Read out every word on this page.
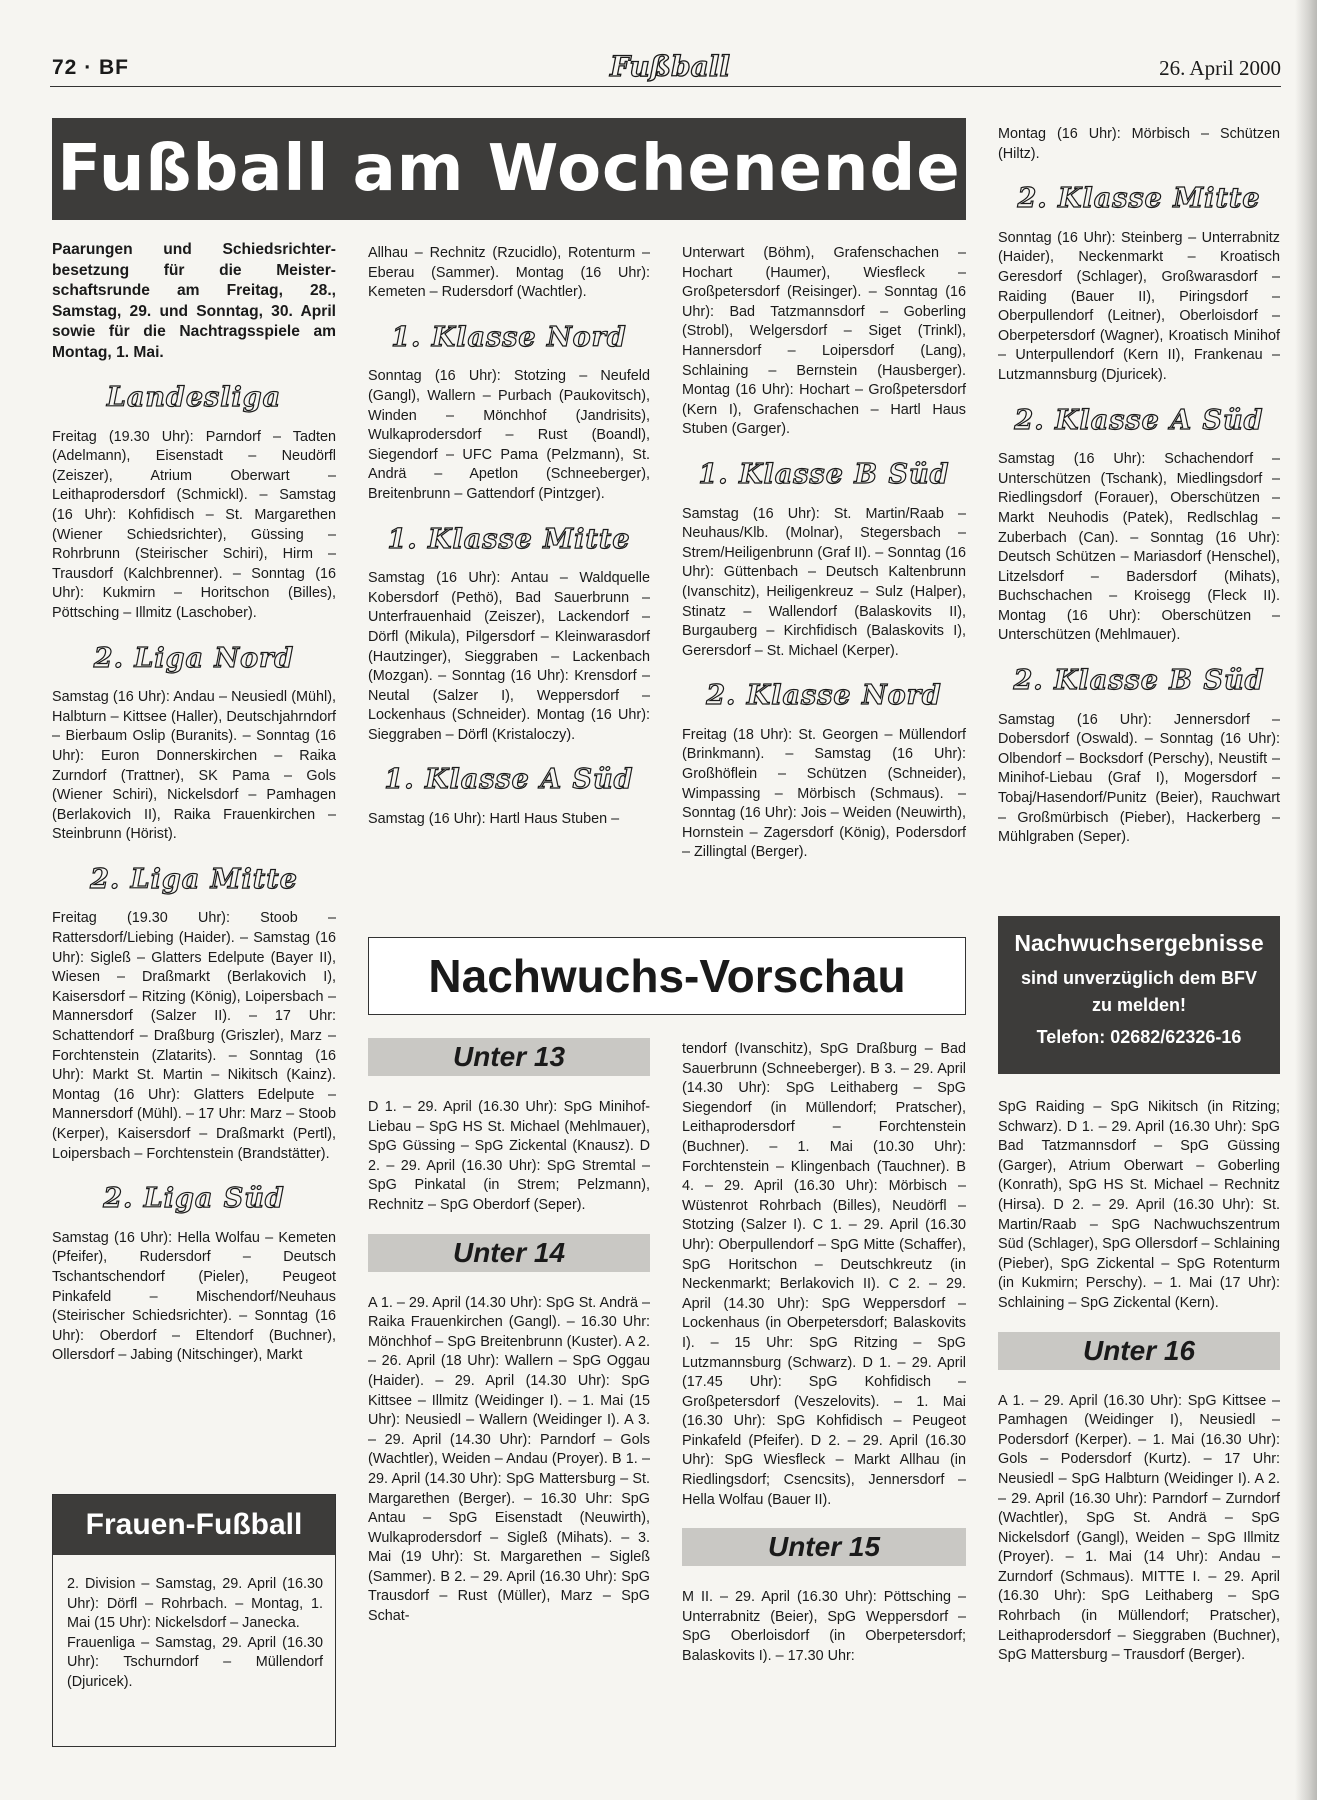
72 · BF	Fußball	26. April 2000
Fußball am Wochenende

Paarungen und Schiedsrichterbesetzung für die Meisterschaftsrunde am Freitag, 28., Samstag, 29. und Sonntag, 30. April sowie für die Nachtragsspiele am Montag, 1. Mai.

Landesliga

Freitag (19.30 Uhr): Parndorf – Tadten (Adelmann), Eisenstadt – Neudörfl (Zeiszer), Atrium Oberwart – Leithaprodersdorf (Schmickl). – Samstag (16 Uhr): Kohfidisch – St. Margarethen (Wiener Schiedsrichter), Güssing – Rohrbrunn (Steirischer Schiri), Hirm – Trausdorf (Kalchbrenner). – Sonntag (16 Uhr): Kukmirn – Horitschon (Billes), Pöttsching – Illmitz (Laschober).

2. Liga Nord

Samstag (16 Uhr): Andau – Neusiedl (Mühl), Halbturn – Kittsee (Haller), Deutschjahrndorf – Bierbaum Oslip (Buranits). – Sonntag (16 Uhr): Euron Donnerskirchen – Raika Zurndorf (Trattner), SK Pama – Gols (Wiener Schiri), Nickelsdorf – Pamhagen (Berlakovich II), Raika Frauenkirchen – Steinbrunn (Hörist).

2. Liga Mitte

Freitag (19.30 Uhr): Stoob – Rattersdorf/Liebing (Haider). – Samstag (16 Uhr): Sigleß – Glatters Edelpute (Bayer II), Wiesen – Draßmarkt (Berlakovich I), Kaisersdorf – Ritzing (König), Loipersbach – Mannersdorf (Salzer II). – 17 Uhr: Schattendorf – Draßburg (Griszler), Marz – Forchtenstein (Zlatarits). – Sonntag (16 Uhr): Markt St. Martin – Nikitsch (Kainz). Montag (16 Uhr): Glatters Edelpute – Mannersdorf (Mühl). – 17 Uhr: Marz – Stoob (Kerper), Kaisersdorf – Draßmarkt (Pertl), Loipersbach – Forchtenstein (Brandstätter).

2. Liga Süd

Samstag (16 Uhr): Hella Wolfau – Kemeten (Pfeifer), Rudersdorf – Deutsch Tschantschendorf (Pieler), Peugeot Pinkafeld – Mischendorf/Neuhaus (Steirischer Schiedsrichter). – Sonntag (16 Uhr): Oberdorf – Eltendorf (Buchner), Ollersdorf – Jabing (Nitschinger), Markt

Frauen-Fußball

2. Division – Samstag, 29. April (16.30 Uhr): Dörfl – Rohrbach. – Montag, 1. Mai (15 Uhr): Nickelsdorf – Janecka.

Frauenliga – Samstag, 29. April (16.30 Uhr): Tschurndorf – Müllendorf (Djuricek).

Allhau – Rechnitz (Rzucidlo), Rotenturm – Eberau (Sammer). Montag (16 Uhr): Kemeten – Rudersdorf (Wachtler).

1. Klasse Nord

Sonntag (16 Uhr): Stotzing – Neufeld (Gangl), Wallern – Purbach (Paukovitsch), Winden – Mönchhof (Jandrisits), Wulkaprodersdorf – Rust (Boandl), Siegendorf – UFC Pama (Pelzmann), St. Andrä – Apetlon (Schneeberger), Breitenbrunn – Gattendorf (Pintzger).

1. Klasse Mitte

Samstag (16 Uhr): Antau – Waldquelle Kobersdorf (Pethö), Bad Sauerbrunn – Unterfrauenhaid (Zeiszer), Lackendorf – Dörfl (Mikula), Pilgersdorf – Kleinwarasdorf (Hautzinger), Sieggraben – Lackenbach (Mozgan). – Sonntag (16 Uhr): Krensdorf – Neutal (Salzer I), Weppersdorf – Lockenhaus (Schneider). Montag (16 Uhr): Sieggraben – Dörfl (Kristaloczy).

1. Klasse A Süd

Samstag (16 Uhr): Hartl Haus Stuben –

Unterwart (Böhm), Grafenschachen – Hochart (Haumer), Wiesfleck – Großpetersdorf (Reisinger). – Sonntag (16 Uhr): Bad Tatzmannsdorf – Goberling (Strobl), Welgersdorf – Siget (Trinkl), Hannersdorf – Loipersdorf (Lang), Schlaining – Bernstein (Hausberger). Montag (16 Uhr): Hochart – Großpetersdorf (Kern I), Grafenschachen – Hartl Haus Stuben (Garger).

1. Klasse B Süd

Samstag (16 Uhr): St. Martin/Raab – Neuhaus/Klb. (Molnar), Stegersbach – Strem/Heiligenbrunn (Graf II). – Sonntag (16 Uhr): Güttenbach – Deutsch Kaltenbrunn (Ivanschitz), Heiligenkreuz – Sulz (Halper), Stinatz – Wallendorf (Balaskovits II), Burgauberg – Kirchfidisch (Balaskovits I), Gerersdorf – St. Michael (Kerper).

2. Klasse Nord

Freitag (18 Uhr): St. Georgen – Müllendorf (Brinkmann). – Samstag (16 Uhr): Großhöflein – Schützen (Schneider), Wimpassing – Mörbisch (Schmaus). – Sonntag (16 Uhr): Jois – Weiden (Neuwirth), Hornstein – Zagersdorf (König), Podersdorf – Zillingtal (Berger).

Nachwuchs-Vorschau
Unter 13

D 1. – 29. April (16.30 Uhr): SpG Minihof-Liebau – SpG HS St. Michael (Mehlmauer), SpG Güssing – SpG Zickental (Knausz). D 2. – 29. April (16.30 Uhr): SpG Stremtal – SpG Pinkatal (in Strem; Pelzmann), Rechnitz – SpG Oberdorf (Seper).

Unter 14

A 1. – 29. April (14.30 Uhr): SpG St. Andrä – Raika Frauenkirchen (Gangl). – 16.30 Uhr: Mönchhof – SpG Breitenbrunn (Kuster). A 2. – 26. April (18 Uhr): Wallern – SpG Oggau (Haider). – 29. April (14.30 Uhr): SpG Kittsee – Illmitz (Weidinger I). – 1. Mai (15 Uhr): Neusiedl – Wallern (Weidinger I). A 3. – 29. April (14.30 Uhr): Parndorf – Gols (Wachtler), Weiden – Andau (Proyer). B 1. – 29. April (14.30 Uhr): SpG Mattersburg – St. Margarethen (Berger). – 16.30 Uhr: SpG Antau – SpG Eisenstadt (Neuwirth), Wulkaprodersdorf – Sigleß (Mihats). – 3. Mai (19 Uhr): St. Margarethen – Sigleß (Sammer). B 2. – 29. April (16.30 Uhr): SpG Trausdorf – Rust (Müller), Marz – SpG Schat-

tendorf (Ivanschitz), SpG Draßburg – Bad Sauerbrunn (Schneeberger). B 3. – 29. April (14.30 Uhr): SpG Leithaberg – SpG Siegendorf (in Müllendorf; Pratscher), Leithaprodersdorf – Forchtenstein (Buchner). – 1. Mai (10.30 Uhr): Forchtenstein – Klingenbach (Tauchner). B 4. – 29. April (16.30 Uhr): Mörbisch – Wüstenrot Rohrbach (Billes), Neudörfl – Stotzing (Salzer I). C 1. – 29. April (16.30 Uhr): Oberpullendorf – SpG Mitte (Schaffer), SpG Horitschon – Deutschkreutz (in Neckenmarkt; Berlakovich II). C 2. – 29. April (14.30 Uhr): SpG Weppersdorf – Lockenhaus (in Oberpetersdorf; Balaskovits I). – 15 Uhr: SpG Ritzing – SpG Lutzmannsburg (Schwarz). D 1. – 29. April (17.45 Uhr): SpG Kohfidisch – Großpetersdorf (Veszelovits). – 1. Mai (16.30 Uhr): SpG Kohfidisch – Peugeot Pinkafeld (Pfeifer). D 2. – 29. April (16.30 Uhr): SpG Wiesfleck – Markt Allhau (in Riedlingsdorf; Csencsits), Jennersdorf – Hella Wolfau (Bauer II).

Unter 15

M II. – 29. April (16.30 Uhr): Pöttsching – Unterrabnitz (Beier), SpG Weppersdorf – SpG Oberloisdorf (in Oberpetersdorf; Balaskovits I). – 17.30 Uhr:

Montag (16 Uhr): Mörbisch – Schützen (Hiltz).

2. Klasse Mitte

Sonntag (16 Uhr): Steinberg – Unterrabnitz (Haider), Neckenmarkt – Kroatisch Geresdorf (Schlager), Großwarasdorf – Raiding (Bauer II), Piringsdorf – Oberpullendorf (Leitner), Oberloisdorf – Oberpetersdorf (Wagner), Kroatisch Minihof – Unterpullendorf (Kern II), Frankenau – Lutzmannsburg (Djuricek).

2. Klasse A Süd

Samstag (16 Uhr): Schachendorf – Unterschützen (Tschank), Miedlingsdorf – Riedlingsdorf (Forauer), Oberschützen – Markt Neuhodis (Patek), Redlschlag – Zuberbach (Can). – Sonntag (16 Uhr): Deutsch Schützen – Mariasdorf (Henschel), Litzelsdorf – Badersdorf (Mihats), Buchschachen – Kroisegg (Fleck II). Montag (16 Uhr): Oberschützen – Unterschützen (Mehlmauer).

2. Klasse B Süd

Samstag (16 Uhr): Jennersdorf – Dobersdorf (Oswald). – Sonntag (16 Uhr): Olbendorf – Bocksdorf (Perschy), Neustift – Minihof-Liebau (Graf I), Mogersdorf – Tobaj/Hasendorf/Punitz (Beier), Rauchwart – Großmürbisch (Pieber), Hackerberg – Mühlgraben (Seper).

Nachwuchsergebnisse
sind unverzüglich dem BFV
zu melden!
Telefon: 02682/62326-16

SpG Raiding – SpG Nikitsch (in Ritzing; Schwarz). D 1. – 29. April (16.30 Uhr): SpG Bad Tatzmannsdorf – SpG Güssing (Garger), Atrium Oberwart – Goberling (Konrath), SpG HS St. Michael – Rechnitz (Hirsa). D 2. – 29. April (16.30 Uhr): St. Martin/Raab – SpG Nachwuchszentrum Süd (Schlager), SpG Ollersdorf – Schlaining (Pieber), SpG Zickental – SpG Rotenturm (in Kukmirn; Perschy). – 1. Mai (17 Uhr): Schlaining – SpG Zickental (Kern).

Unter 16

A 1. – 29. April (16.30 Uhr): SpG Kittsee – Pamhagen (Weidinger I), Neusiedl – Podersdorf (Kerper). – 1. Mai (16.30 Uhr): Gols – Podersdorf (Kurtz). – 17 Uhr: Neusiedl – SpG Halbturn (Weidinger I). A 2. – 29. April (16.30 Uhr): Parndorf – Zurndorf (Wachtler), SpG St. Andrä – SpG Nickelsdorf (Gangl), Weiden – SpG Illmitz (Proyer). – 1. Mai (14 Uhr): Andau – Zurndorf (Schmaus). MITTE I. – 29. April (16.30 Uhr): SpG Leithaberg – SpG Rohrbach (in Müllendorf; Pratscher), Leithaprodersdorf – Sieggraben (Buchner), SpG Mattersburg – Trausdorf (Berger).
